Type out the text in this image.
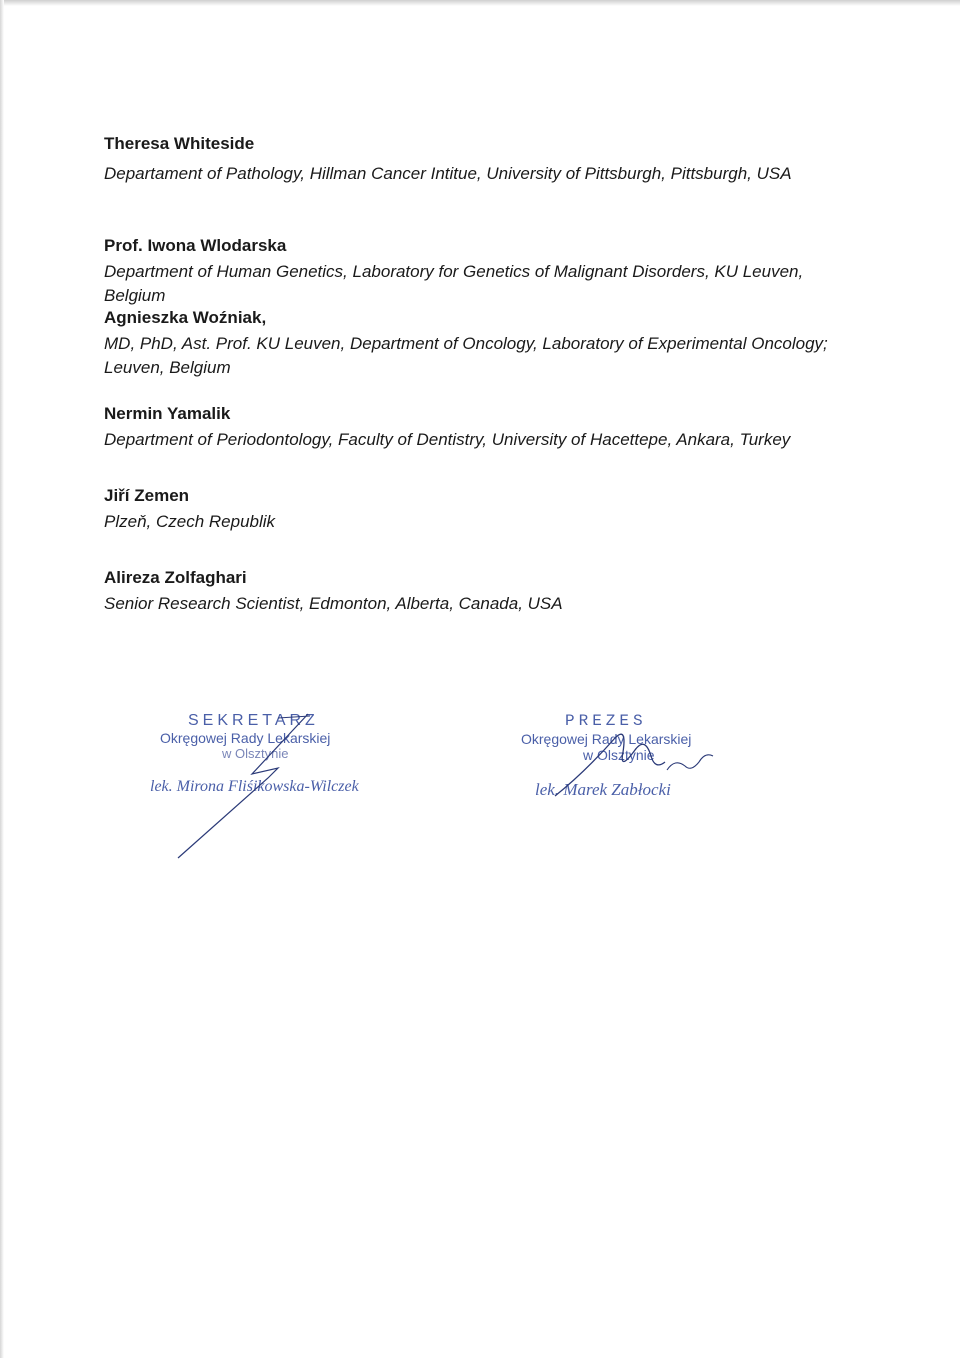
Theresa Whiteside

Departament of Pathology, Hillman Cancer Intitue, University of Pittsburgh, Pittsburgh, USA

Prof. Iwona Wlodarska

Department of Human Genetics, Laboratory for Genetics of Malignant Disorders, KU Leuven, Belgium

Agnieszka Woźniak,

MD, PhD, Ast. Prof. KU Leuven, Department of Oncology, Laboratory of Experimental Oncology; Leuven, Belgium

Nermin Yamalik

Department of Periodontology, Faculty of Dentistry, University of Hacettepe, Ankara, Turkey

Jiří Zemen

Plzeň, Czech Republik

Alireza Zolfaghari

Senior Research Scientist, Edmonton, Alberta, Canada, USA

SEKRETARZ
Okręgowej Rady Lekarskiej
w Olsztynie
lek. Mirona Fliśikowska-Wilczek
PREZES
Okręgowej Rady Lekarskiej
w Olsztynie
lek. Marek Zabłocki
